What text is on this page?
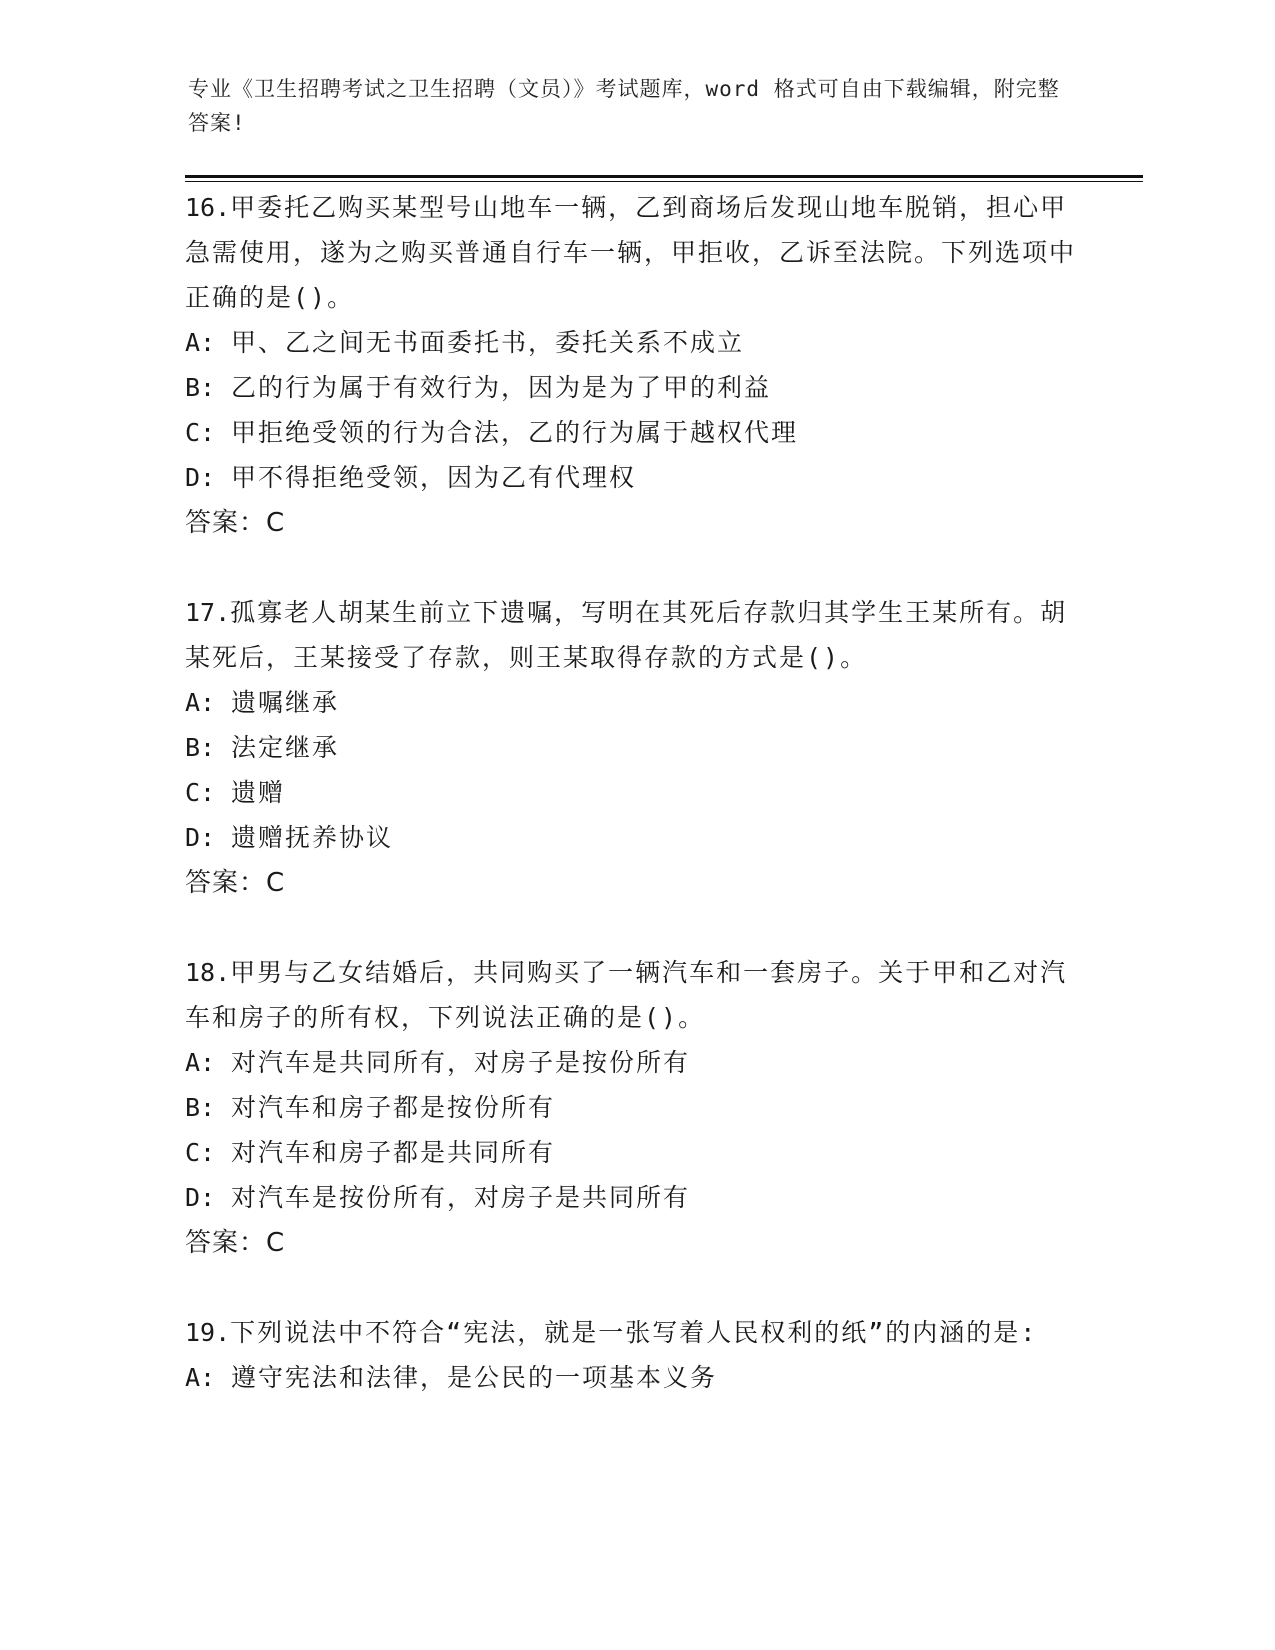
专业《卫生招聘考试之卫生招聘（文员）》考试题库，word 格式可自由下载编辑，附完整答案!

16.甲委托乙购买某型号山地车一辆，乙到商场后发现山地车脱销，担心甲急需使用，遂为之购买普通自行车一辆，甲拒收，乙诉至法院。下列选项中正确的是()。

A: 甲、乙之间无书面委托书，委托关系不成立

B: 乙的行为属于有效行为，因为是为了甲的利益

C: 甲拒绝受领的行为合法，乙的行为属于越权代理

D: 甲不得拒绝受领，因为乙有代理权

答案：C

17.孤寡老人胡某生前立下遗嘱，写明在其死后存款归其学生王某所有。胡某死后，王某接受了存款，则王某取得存款的方式是()。

A: 遗嘱继承

B: 法定继承

C: 遗赠

D: 遗赠抚养协议

答案：C

18.甲男与乙女结婚后，共同购买了一辆汽车和一套房子。关于甲和乙对汽车和房子的所有权，下列说法正确的是()。

A: 对汽车是共同所有，对房子是按份所有

B: 对汽车和房子都是按份所有

C: 对汽车和房子都是共同所有

D: 对汽车是按份所有，对房子是共同所有

答案：C

19.下列说法中不符合“宪法，就是一张写着人民权利的纸”的内涵的是:

A: 遵守宪法和法律，是公民的一项基本义务
